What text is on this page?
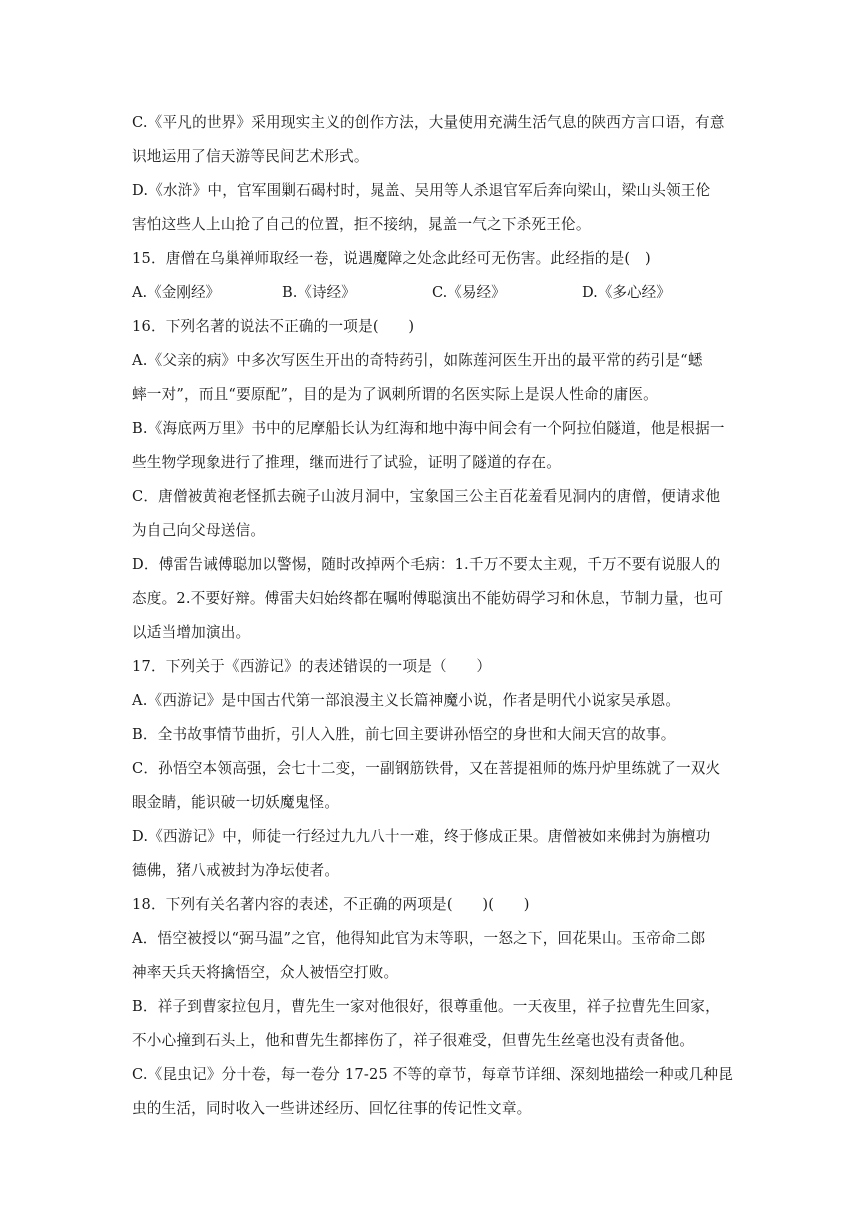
C.《平凡的世界》采用现实主义的创作方法，大量使用充满生活气息的陕西方言口语，有意
识地运用了信天游等民间艺术形式。
D.《水浒》中，官军围剿石碣村时，晁盖、吴用等人杀退官军后奔向梁山，梁山头领王伦
害怕这些人上山抢了自己的位置，拒不接纳，晁盖一气之下杀死王伦。
15．唐僧在乌巢禅师取经一卷，说遇魔障之处念此经可无伤害。此经指的是(　)
A.《金刚经》	B.《诗经》	C.《易经》	D.《多心经》
16．下列名著的说法不正确的一项是(　　)
A.《父亲的病》中多次写医生开出的奇特药引，如陈莲河医生开出的最平常的药引是“蟋
蟀一对”，而且“要原配”，目的是为了讽刺所谓的名医实际上是误人性命的庸医。
B.《海底两万里》书中的尼摩船长认为红海和地中海中间会有一个阿拉伯隧道，他是根据一
些生物学现象进行了推理，继而进行了试验，证明了隧道的存在。
C．唐僧被黄袍老怪抓去碗子山波月洞中，宝象国三公主百花羞看见洞内的唐僧，便请求他
为自己向父母送信。
D．傅雷告诫傅聪加以警惕，随时改掉两个毛病：1.千万不要太主观，千万不要有说服人的
态度。2.不要好辩。傅雷夫妇始终都在嘱咐傅聪演出不能妨碍学习和休息，节制力量，也可
以适当增加演出。
17．下列关于《西游记》的表述错误的一项是（　　）
A.《西游记》是中国古代第一部浪漫主义长篇神魔小说，作者是明代小说家吴承恩。
B．全书故事情节曲折，引人入胜，前七回主要讲孙悟空的身世和大闹天宫的故事。
C．孙悟空本领高强，会七十二变，一副钢筋铁骨，又在菩提祖师的炼丹炉里练就了一双火
眼金睛，能识破一切妖魔鬼怪。
D.《西游记》中，师徒一行经过九九八十一难，终于修成正果。唐僧被如来佛封为旃檀功
德佛，猪八戒被封为净坛使者。
18．下列有关名著内容的表述，不正确的两项是(　　)(　　)
A．悟空被授以“弼马温”之官，他得知此官为末等职，一怒之下，回花果山。玉帝命二郎
神率天兵天将擒悟空，众人被悟空打败。
B．祥子到曹家拉包月，曹先生一家对他很好，很尊重他。一天夜里，祥子拉曹先生回家，
不小心撞到石头上，他和曹先生都摔伤了，祥子很难受，但曹先生丝毫也没有责备他。
C.《昆虫记》分十卷，每一卷分 17-25 不等的章节，每章节详细、深刻地描绘一种或几种昆
虫的生活，同时收入一些讲述经历、回忆往事的传记性文章。
